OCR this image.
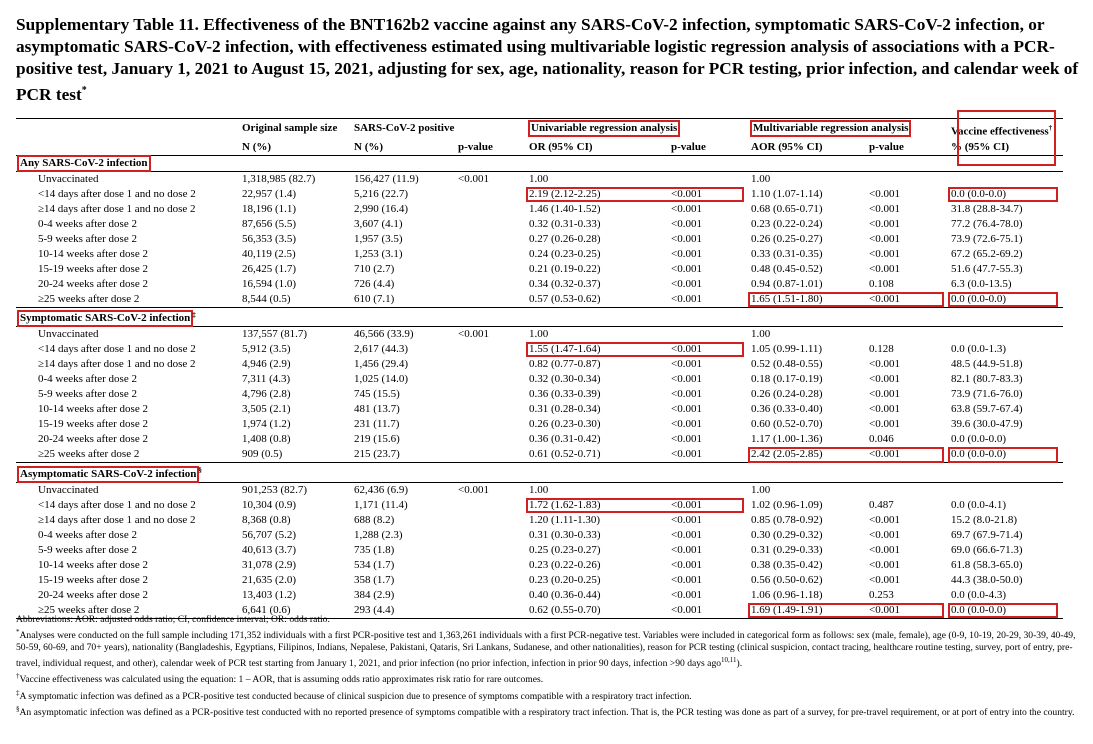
Supplementary Table 11. Effectiveness of the BNT162b2 vaccine against any SARS-CoV-2 infection, symptomatic SARS-CoV-2 infection, or asymptomatic SARS-CoV-2 infection, with effectiveness estimated using multivariable logistic regression analysis of associations with a PCR-positive test, January 1, 2021 to August 15, 2021, adjusting for sex, age, nationality, reason for PCR testing, prior infection, and calendar week of PCR test*
	Original sample size	SARS-CoV-2 positive		Univariable regression analysis		Multivariable regression analysis		Vaccine effectiveness†
	N (%)	N (%)	p-value	OR (95% CI)	p-value	AOR (95% CI)	p-value	% (95% CI)
Any SARS-CoV-2 infection								
Unvaccinated	1,318,985 (82.7)	156,427 (11.9)	<0.001	1.00		1.00		
<14 days after dose 1 and no dose 2	22,957 (1.4)	5,216 (22.7)		2.19 (2.12-2.25)	<0.001	1.10 (1.07-1.14)	<0.001	0.0 (0.0-0.0)
≥14 days after dose 1 and no dose 2	18,196 (1.1)	2,990 (16.4)		1.46 (1.40-1.52)	<0.001	0.68 (0.65-0.71)	<0.001	31.8 (28.8-34.7)
0-4 weeks after dose 2	87,656 (5.5)	3,607 (4.1)		0.32 (0.31-0.33)	<0.001	0.23 (0.22-0.24)	<0.001	77.2 (76.4-78.0)
5-9 weeks after dose 2	56,353 (3.5)	1,957 (3.5)		0.27 (0.26-0.28)	<0.001	0.26 (0.25-0.27)	<0.001	73.9 (72.6-75.1)
10-14 weeks after dose 2	40,119 (2.5)	1,253 (3.1)		0.24 (0.23-0.25)	<0.001	0.33 (0.31-0.35)	<0.001	67.2 (65.2-69.2)
15-19 weeks after dose 2	26,425 (1.7)	710 (2.7)		0.21 (0.19-0.22)	<0.001	0.48 (0.45-0.52)	<0.001	51.6 (47.7-55.3)
20-24 weeks after dose 2	16,594 (1.0)	726 (4.4)		0.34 (0.32-0.37)	<0.001	0.94 (0.87-1.01)	0.108	6.3 (0.0-13.5)
≥25 weeks after dose 2	8,544 (0.5)	610 (7.1)		0.57 (0.53-0.62)	<0.001	1.65 (1.51-1.80)	<0.001	0.0 (0.0-0.0)
Symptomatic SARS-CoV-2 infection ‡
Unvaccinated	137,557 (81.7)	46,566 (33.9)	<0.001	1.00		1.00		
<14 days after dose 1 and no dose 2	5,912 (3.5)	2,617 (44.3)		1.55 (1.47-1.64)	<0.001	1.05 (0.99-1.11)	0.128	0.0 (0.0-1.3)
≥14 days after dose 1 and no dose 2	4,946 (2.9)	1,456 (29.4)		0.82 (0.77-0.87)	<0.001	0.52 (0.48-0.55)	<0.001	48.5 (44.9-51.8)
0-4 weeks after dose 2	7,311 (4.3)	1,025 (14.0)		0.32 (0.30-0.34)	<0.001	0.18 (0.17-0.19)	<0.001	82.1 (80.7-83.3)
5-9 weeks after dose 2	4,796 (2.8)	745 (15.5)		0.36 (0.33-0.39)	<0.001	0.26 (0.24-0.28)	<0.001	73.9 (71.6-76.0)
10-14 weeks after dose 2	3,505 (2.1)	481 (13.7)		0.31 (0.28-0.34)	<0.001	0.36 (0.33-0.40)	<0.001	63.8 (59.7-67.4)
15-19 weeks after dose 2	1,974 (1.2)	231 (11.7)		0.26 (0.23-0.30)	<0.001	0.60 (0.52-0.70)	<0.001	39.6 (30.0-47.9)
20-24 weeks after dose 2	1,408 (0.8)	219 (15.6)		0.36 (0.31-0.42)	<0.001	1.17 (1.00-1.36)	0.046	0.0 (0.0-0.0)
≥25 weeks after dose 2	909 (0.5)	215 (23.7)		0.61 (0.52-0.71)	<0.001	2.42 (2.05-2.85)	<0.001	0.0 (0.0-0.0)
Asymptomatic SARS-CoV-2 infection §
Unvaccinated	901,253 (82.7)	62,436 (6.9)	<0.001	1.00		1.00		
<14 days after dose 1 and no dose 2	10,304 (0.9)	1,171 (11.4)		1.72 (1.62-1.83)	<0.001	1.02 (0.96-1.09)	0.487	0.0 (0.0-4.1)
≥14 days after dose 1 and no dose 2	8,368 (0.8)	688 (8.2)		1.20 (1.11-1.30)	<0.001	0.85 (0.78-0.92)	<0.001	15.2 (8.0-21.8)
0-4 weeks after dose 2	56,707 (5.2)	1,288 (2.3)		0.31 (0.30-0.33)	<0.001	0.30 (0.29-0.32)	<0.001	69.7 (67.9-71.4)
5-9 weeks after dose 2	40,613 (3.7)	735 (1.8)		0.25 (0.23-0.27)	<0.001	0.31 (0.29-0.33)	<0.001	69.0 (66.6-71.3)
10-14 weeks after dose 2	31,078 (2.9)	534 (1.7)		0.23 (0.22-0.26)	<0.001	0.38 (0.35-0.42)	<0.001	61.8 (58.3-65.0)
15-19 weeks after dose 2	21,635 (2.0)	358 (1.7)		0.23 (0.20-0.25)	<0.001	0.56 (0.50-0.62)	<0.001	44.3 (38.0-50.0)
20-24 weeks after dose 2	13,403 (1.2)	384 (2.9)		0.40 (0.36-0.44)	<0.001	1.06 (0.96-1.18)	0.253	0.0 (0.0-4.3)
≥25 weeks after dose 2	6,641 (0.6)	293 (4.4)		0.62 (0.55-0.70)	<0.001	1.69 (1.49-1.91)	<0.001	0.0 (0.0-0.0)

Abbreviations: AOR: adjusted odds ratio; CI, confidence interval; OR: odds ratio.

*Analyses were conducted on the full sample including 171,352 individuals with a first PCR-positive test and 1,363,261 individuals with a first PCR-negative test. Variables were included in categorical form as follows: sex (male, female), age (0-9, 10-19, 20-29, 30-39, 40-49, 50-59, 60-69, and 70+ years), nationality (Bangladeshis, Egyptians, Filipinos, Indians, Nepalese, Pakistani, Qataris, Sri Lankans, Sudanese, and other nationalities), reason for PCR testing (clinical suspicion, contact tracing, healthcare routine testing, survey, port of entry, pre-travel, individual request, and other), calendar week of PCR test starting from January 1, 2021, and prior infection (no prior infection, infection in prior 90 days, infection >90 days ago$^{10,11}$).

†Vaccine effectiveness was calculated using the equation: 1 – AOR, that is assuming odds ratio approximates risk ratio for rare outcomes.

‡A symptomatic infection was defined as a PCR-positive test conducted because of clinical suspicion due to presence of symptoms compatible with a respiratory tract infection.

§An asymptomatic infection was defined as a PCR-positive test conducted with no reported presence of symptoms compatible with a respiratory tract infection. That is, the PCR testing was done as part of a survey, for pre-travel requirement, or at port of entry into the country.
